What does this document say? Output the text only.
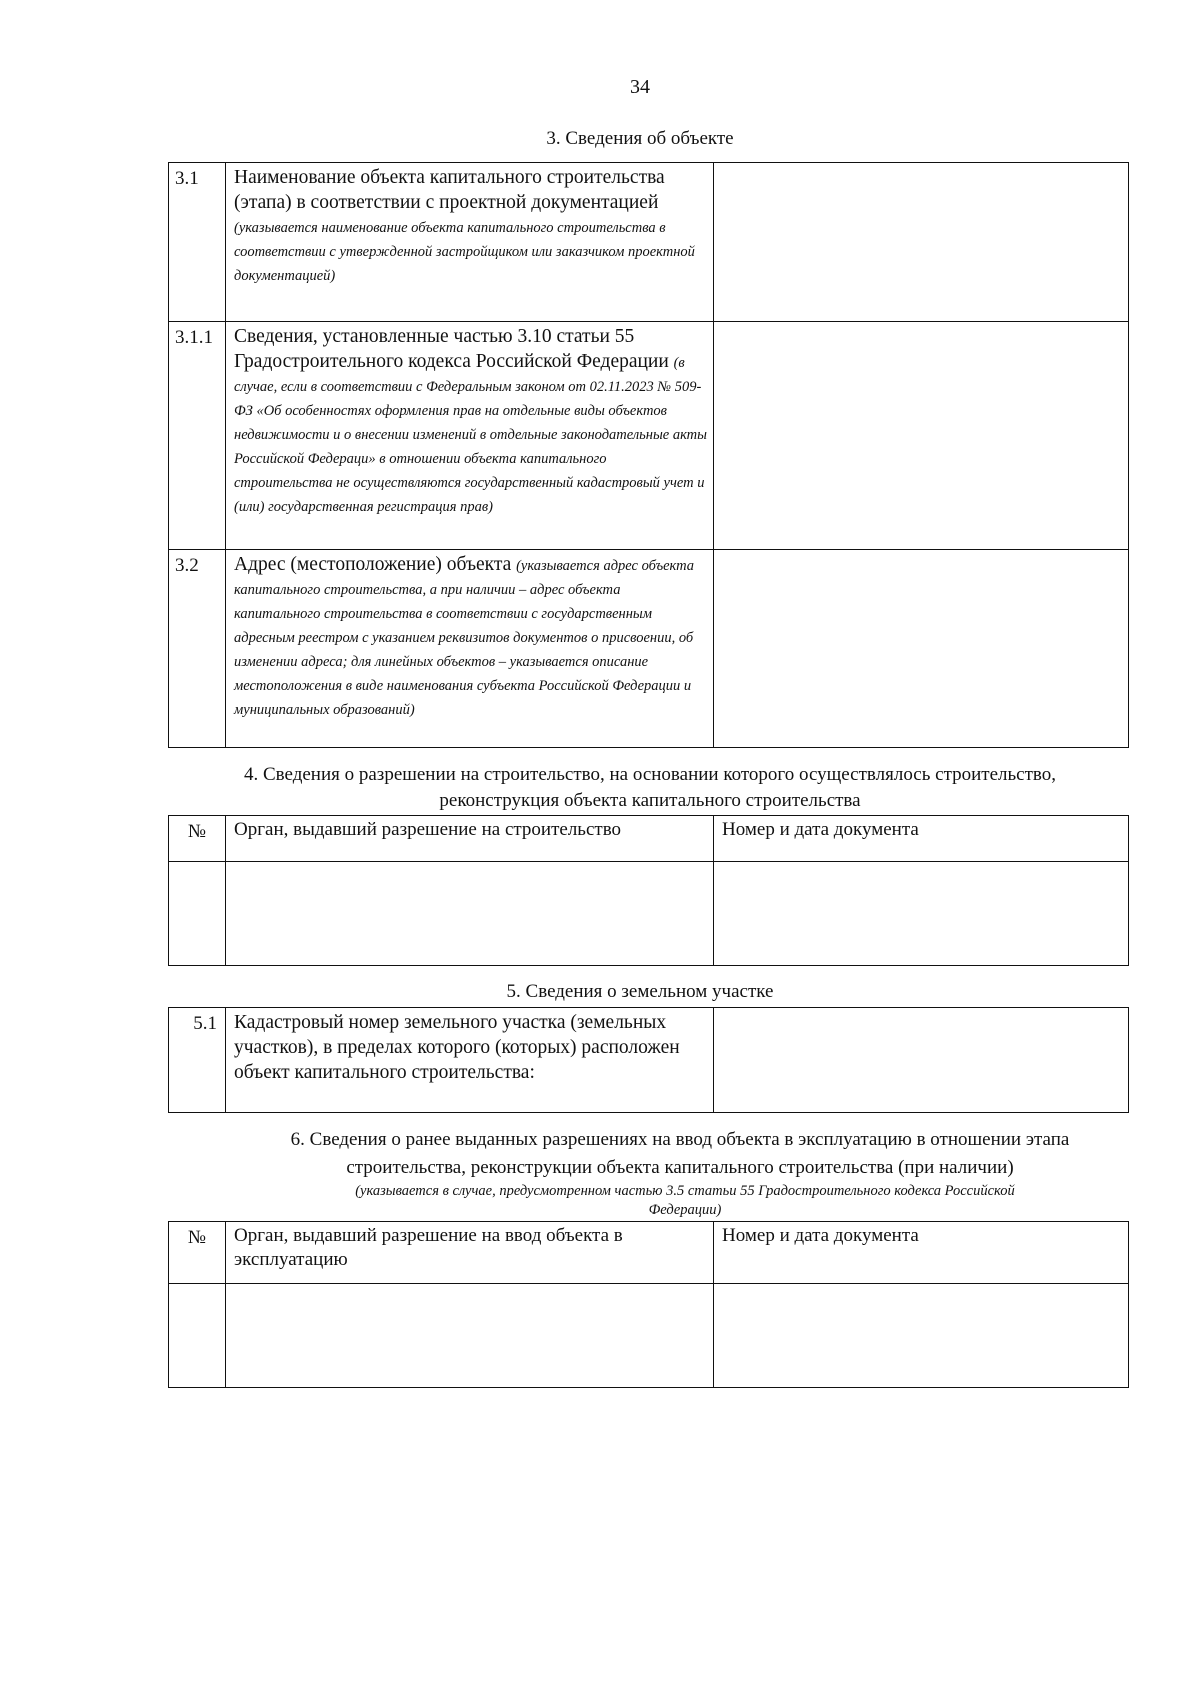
34
3. Сведения об объекте
3.1	Наименование объекта капитального строительства (этапа) в соответствии с проектной документацией
(указывается наименование объекта капитального строительства в соответствии с утвержденной застройщиком или заказчиком проектной документацией)	
3.1.1	Сведения, установленные частью 3.10 статьи 55 Градостроительного кодекса Российской Федерации (в случае, если в соответствии с Федеральным законом от 02.11.2023 № 509-ФЗ «Об особенностях оформления прав на отдельные виды объектов недвижимости и о внесении изменений в отдельные законодательные акты Российской Федераци» в отношении объекта капитального строительства не осуществляются государственный кадастровый учет и (или) государственная регистрация прав)	
3.2	Адрес (местоположение) объекта (указывается адрес объекта капитального строительства, а при наличии – адрес объекта капитального строительства в соответствии с государственным адресным реестром с указанием реквизитов документов о присвоении, об изменении адреса; для линейных объектов – указывается описание местоположения в виде наименования субъекта Российской Федерации и муниципальных образований)	
4. Сведения о разрешении на строительство, на основании которого осуществлялось строительство, реконструкция объекта капитального строительства
№	Орган, выдавший разрешение на строительство	Номер и дата документа

5. Сведения о земельном участке
5.1	Кадастровый номер земельного участка (земельных участков), в пределах которого (которых) расположен объект капитального строительства:

6. Сведения о ранее выданных разрешениях на ввод объекта в эксплуатацию в отношении этапа строительства, реконструкции объекта капитального строительства (при наличии)
(указывается в случае, предусмотренном частью 3.5 статьи 55 Градостроительного кодекса Российской Федерации)
№	Орган, выдавший разрешение на ввод объекта в эксплуатацию	Номер и дата документа
